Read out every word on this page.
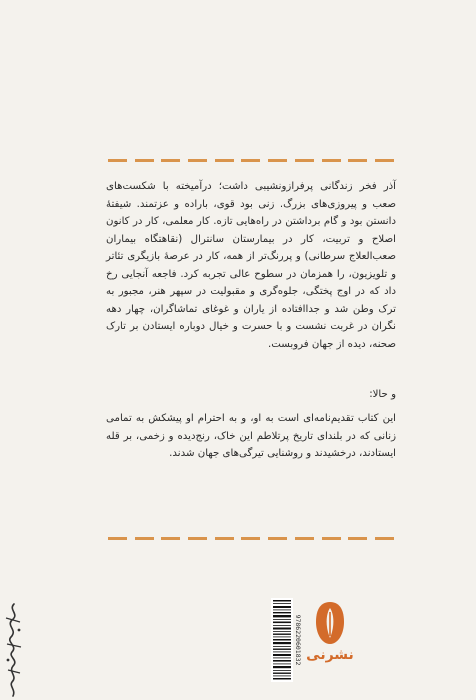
آذر فخر زندگانی پرفرازونشیبی داشت؛ درآمیخته با شکست‌های صعب و پیروزی‌های بزرگ. زنی بود قوی، باراده و عزتمند. شیفتهٔ دانستن بود و گام برداشتن در راه‌هایی تازه. کار معلمی، کار در کانون اصلاح و تربیت، کار در بیمارستان سانترال (نقاهتگاه بیماران صعب‌العلاج سرطانی) و پررنگ‌تر از همه، کار در عرصهٔ بازیگری تئاتر و تلویزیون، را همزمان در سطوح عالی تجربه کرد. فاجعه آنجایی رخ داد که در اوج پختگی، جلوه‌گری و مقبولیت در سپهر هنر، مجبور به ترک وطن شد و جداافتاده از یاران و غوغای تماشاگران، چهار دهه نگران در غربت نشست و با حسرت و خیال دوباره ایستادن بر تارک صحنه، دیده از جهان فروبست.

و حالا:

این کتاب تقدیم‌نامه‌ای است به او، و به احترام او پیشکش به تمامی زنانی که در بلندای تاریخ پرتلاطم این خاک، رنج‌دیده و زخمی، بر قله ایستادند، درخشیدند و روشنایی تیرگی‌های جهان شدند.

9786220601832 نشرنی
